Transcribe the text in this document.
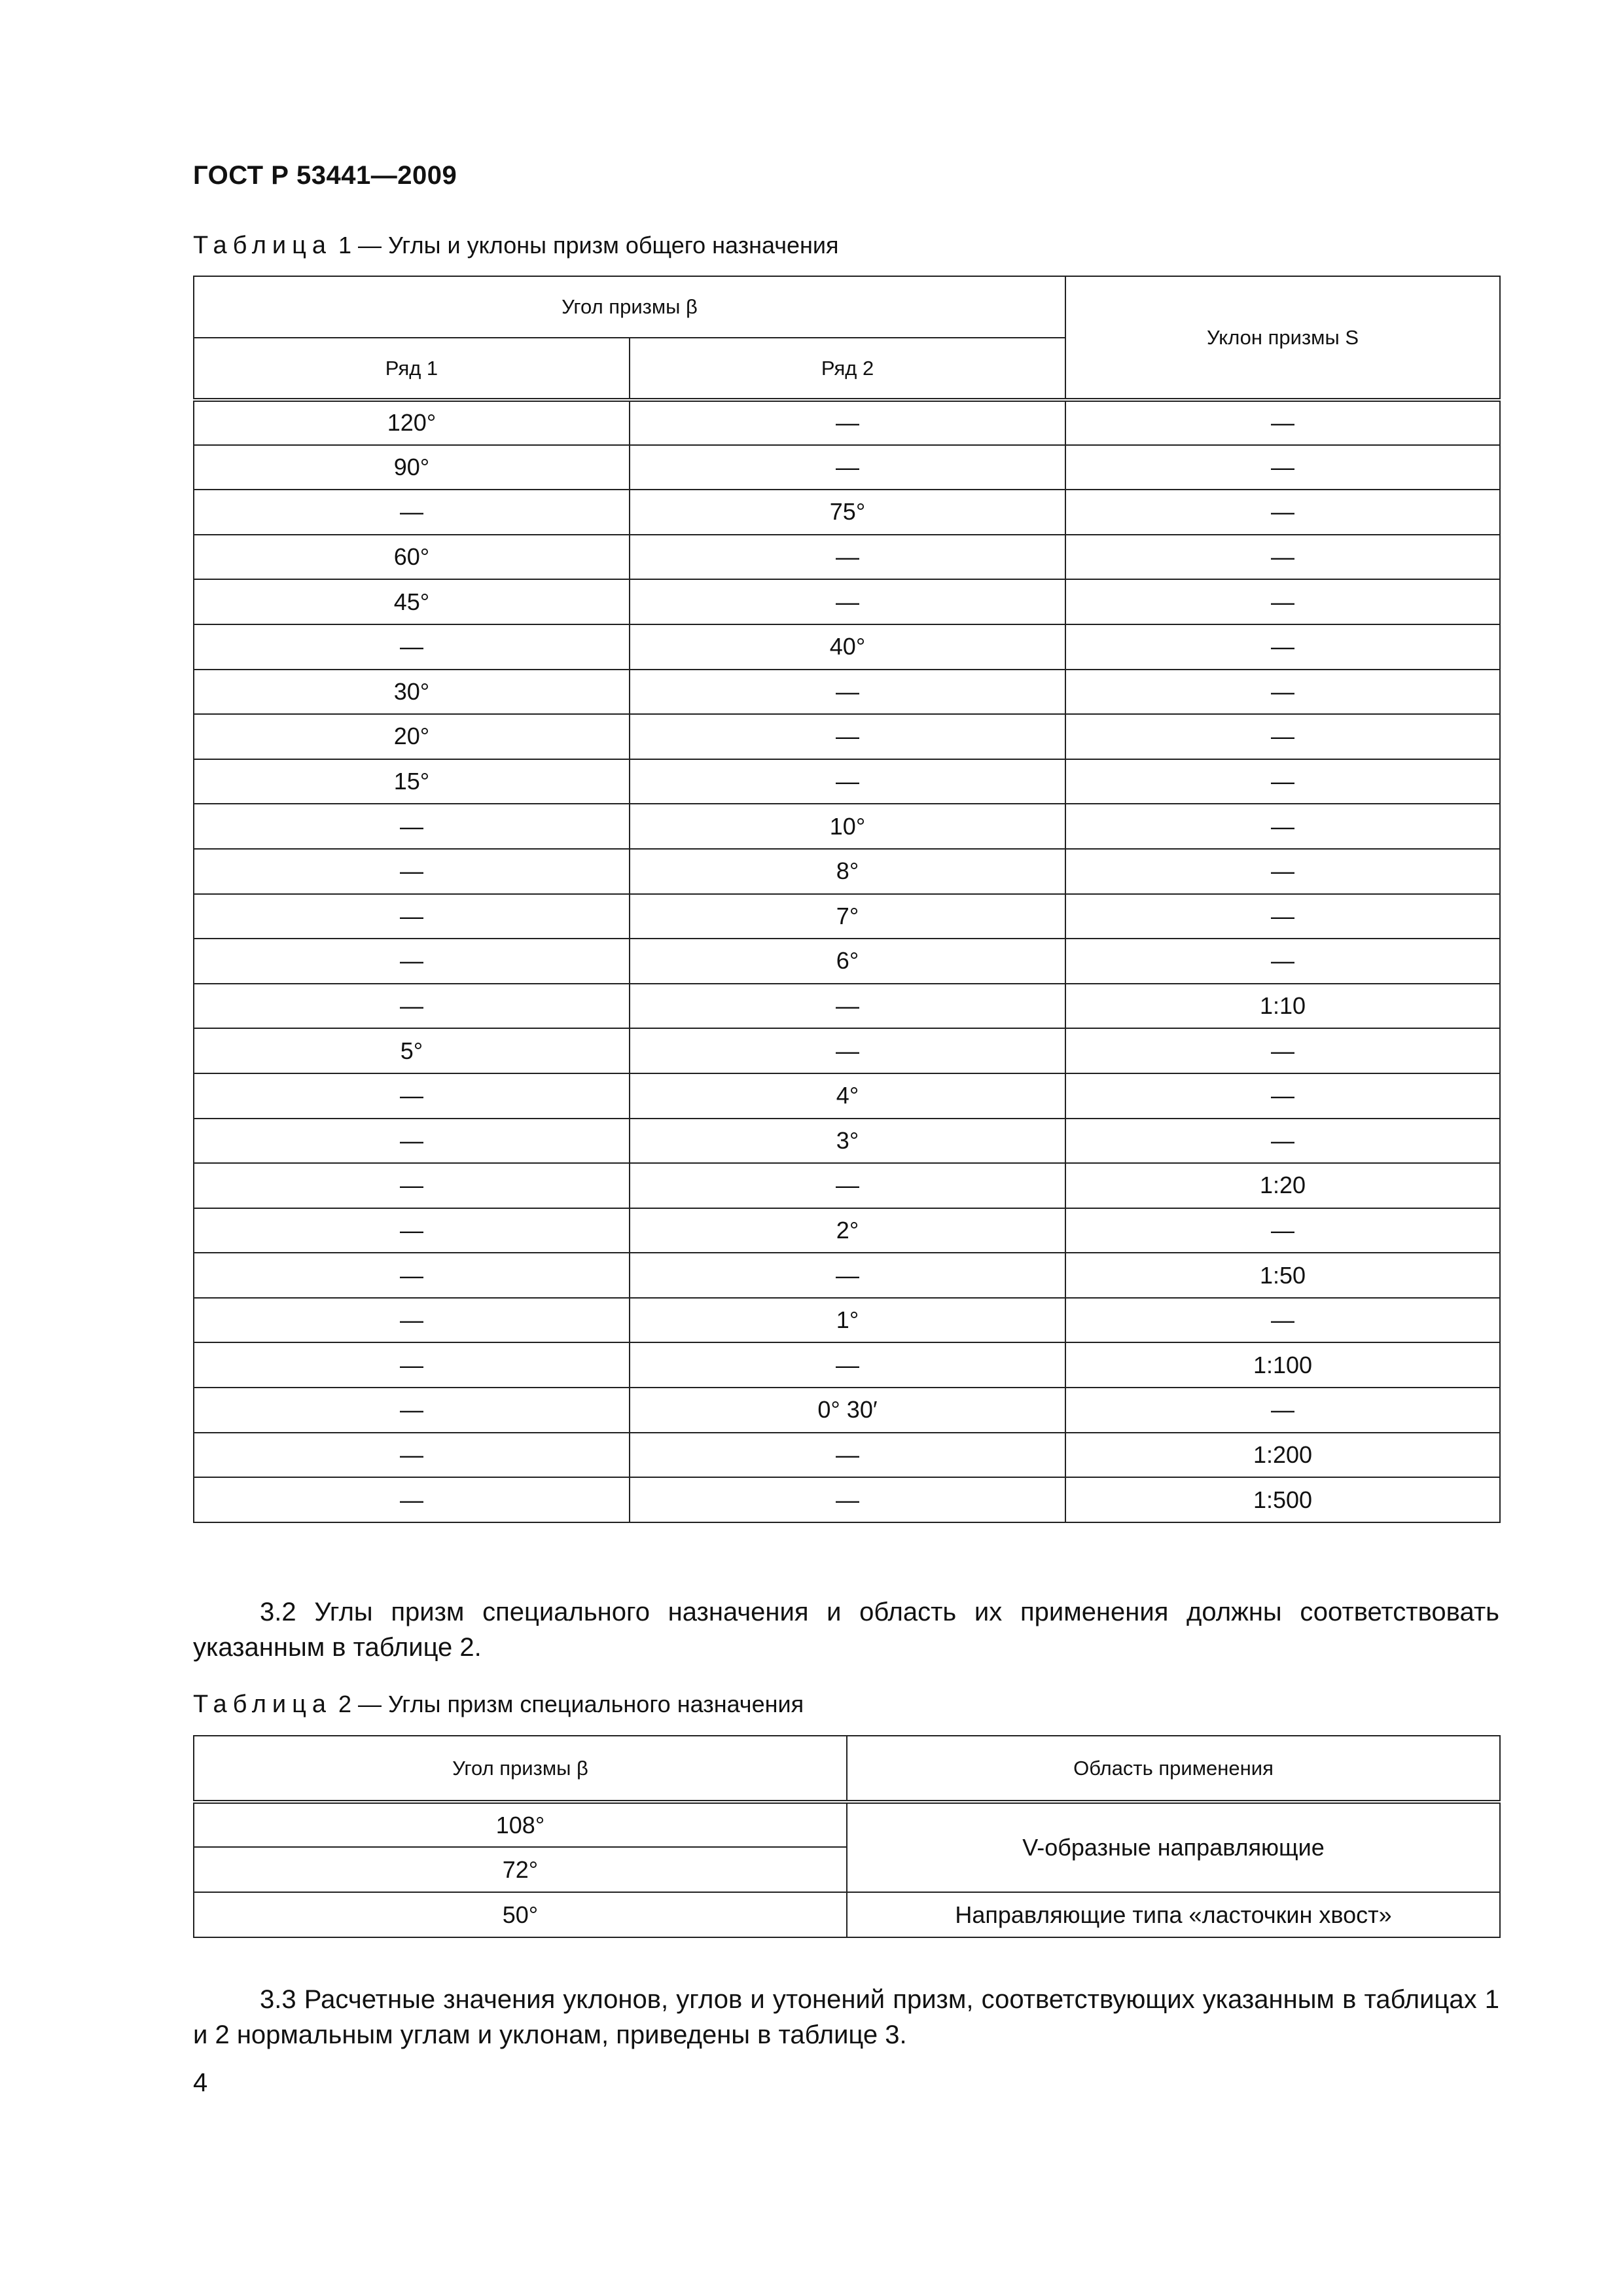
ГОСТ Р 53441—2009
Таблица 1 — Углы и уклоны призм общего назначения
Угол призмы β		Уклон призмы S
Ряд 1	Ряд 2	
120°	—	—
90°	—	—
—	75°	—
60°	—	—
45°	—	—
—	40°	—
30°	—	—
20°	—	—
15°	—	—
—	10°	—
—	8°	—
—	7°	—
—	6°	—
—	—	1:10
5°	—	—
—	4°	—
—	3°	—
—	—	1:20
—	2°	—
—	—	1:50
—	1°	—
—	—	1:100
—	0° 30′	—
—	—	1:200
—	—	1:500
3.2 Углы призм специального назначения и область их применения должны соответствовать указанным в таблице 2.
Таблица 2 — Углы призм специального назначения
Угол призмы β	Область применения
108°	V-образные направляющие
72°	
50°	Направляющие типа «ласточкин хвост»
3.3 Расчетные значения уклонов, углов и утонений призм, соответствующих указанным в таблицах 1 и 2 нормальным углам и уклонам, приведены в таблице 3.
4
